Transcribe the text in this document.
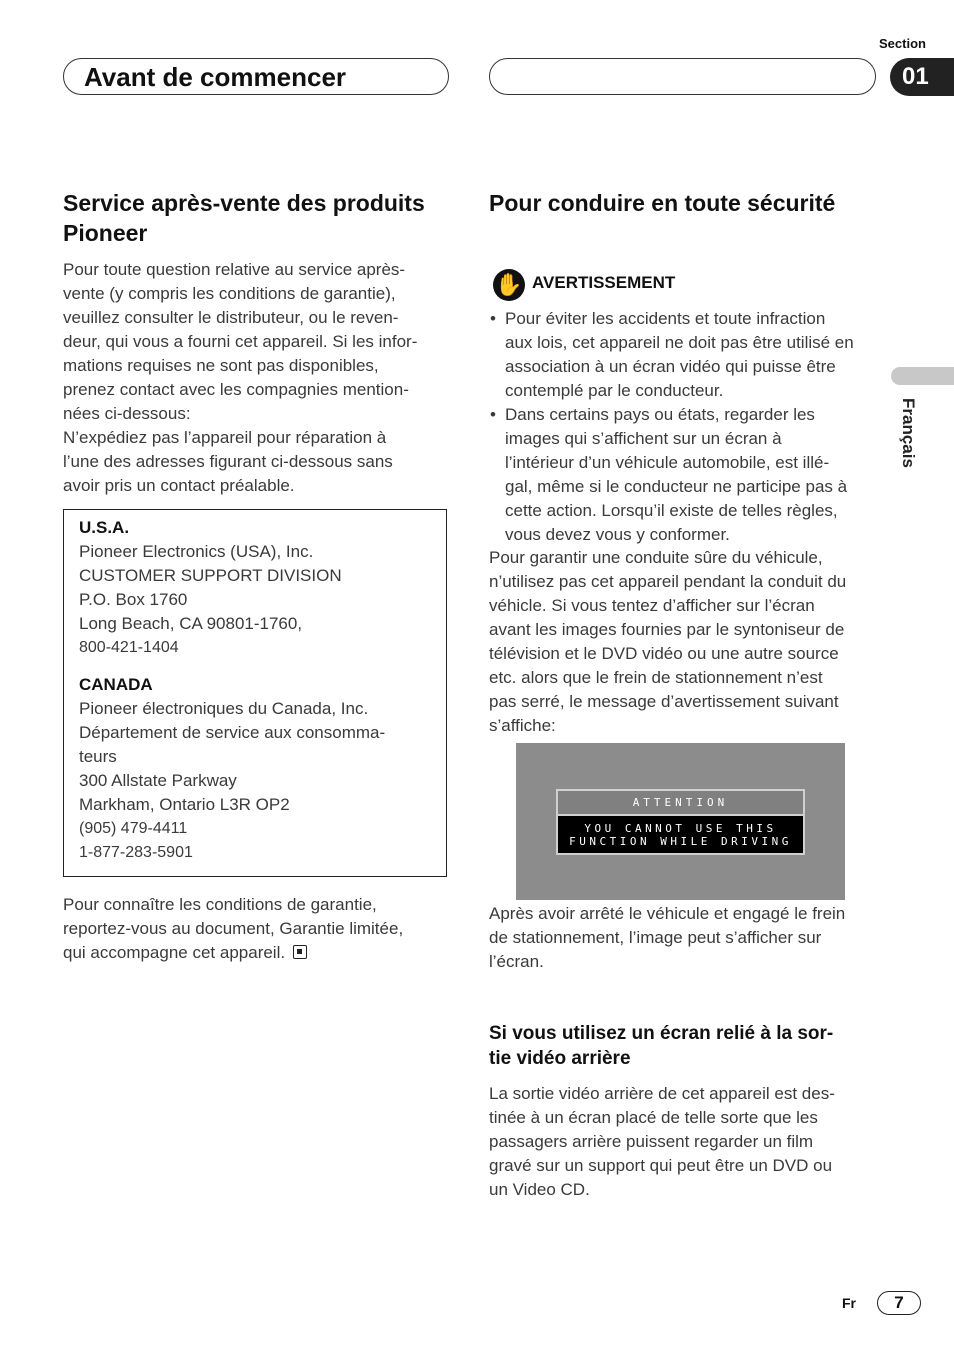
Section
Avant de commencer	01
Français
Service après-vente des produits Pioneer

Pour toute question relative au service après-

vente (y compris les conditions de garantie),

veuillez consulter le distributeur, ou le reven-

deur, qui vous a fourni cet appareil. Si les infor-

mations requises ne sont pas disponibles,

prenez contact avec les compagnies mention-

nées ci-dessous:

N’expédiez pas l’appareil pour réparation à

l’une des adresses figurant ci-dessous sans

avoir pris un contact préalable.

U.S.A.
Pioneer Electronics (USA), Inc.
CUSTOMER SUPPORT DIVISION
P.O. Box 1760
Long Beach, CA 90801-1760,
800-421-1404
CANADA
Pioneer électroniques du Canada, Inc.
Département de service aux consomma-
teurs
300 Allstate Parkway
Markham, Ontario L3R OP2
(905) 479-4411
1-877-283-5901

Pour connaître les conditions de garantie,

reportez-vous au document, Garantie limitée,

qui accompagne cet appareil.

Pour conduire en toute sécurité
✋ AVERTISSEMENT
• Pour éviter les accidents et toute infraction

aux lois, cet appareil ne doit pas être utilisé en

association à un écran vidéo qui puisse être

contemplé par le conducteur.

• Dans certains pays ou états, regarder les

images qui s’affichent sur un écran à

l’intérieur d’un véhicule automobile, est illé-

gal, même si le conducteur ne participe pas à

cette action. Lorsqu’il existe de telles règles,

vous devez vous y conformer.

Pour garantir une conduite sûre du véhicule,

n’utilisez pas cet appareil pendant la conduit du

véhicle. Si vous tentez d’afficher sur l’écran

avant les images fournies par le syntoniseur de

télévision et le DVD vidéo ou une autre source

etc. alors que le frein de stationnement n’est

pas serré, le message d’avertissement suivant

s’affiche:

ATTENTION
YOU CANNOT USE THIS
FUNCTION WHILE DRIVING

Après avoir arrêté le véhicule et engagé le frein

de stationnement, l’image peut s’afficher sur

l’écran.

Si vous utilisez un écran relié à la sor-
tie vidéo arrière

La sortie vidéo arrière de cet appareil est des-

tinée à un écran placé de telle sorte que les

passagers arrière puissent regarder un film

gravé sur un support qui peut être un DVD ou

un Video CD.

Fr	7
